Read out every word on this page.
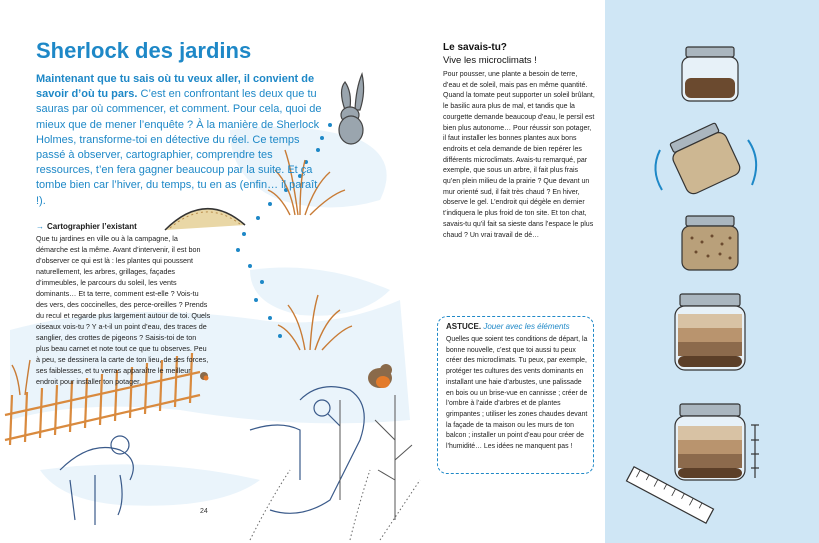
Sherlock des jardins
Maintenant que tu sais où tu veux aller, il convient de savoir d’où tu pars. C’est en confrontant les deux que tu sauras par où commencer, et comment. Pour cela, quoi de mieux que de mener l’enquête ? À la manière de Sherlock Holmes, transforme-toi en détective du réel. Ce temps passé à observer, cartographier, comprendre tes ressources, t’en fera gagner beaucoup par la suite. Et ça tombe bien car l’hiver, du temps, tu en as (enfin… il paraît !).
→ Cartographier l’existant
Que tu jardines en ville ou à la campagne, la démarche est la même. Avant d’intervenir, il est bon d’observer ce qui est là : les plantes qui poussent naturellement, les arbres, grillages, façades d’immeubles, le parcours du soleil, les vents dominants… Et ta terre, comment est-elle ? Vois-tu des vers, des coccinelles, des perce-oreilles ? Prends du recul et regarde plus largement autour de toi. Quels oiseaux vois-tu ? Y a-t-il un point d’eau, des traces de sanglier, des crottes de pigeons ? Saisis-toi de ton plus beau carnet et note tout ce que tu observes. Peu à peu, se dessinera la carte de ton lieu, de ses forces, ses faiblesses, et tu verras apparaître le meilleur endroit pour installer ton potager.
24
Le savais-tu?
Vive les microclimats !
Pour pousser, une plante a besoin de terre, d’eau et de soleil, mais pas en même quantité. Quand la tomate peut supporter un soleil brûlant, le basilic aura plus de mal, et tandis que la courgette demande beaucoup d’eau, le persil est bien plus autonome… Pour réussir son potager, il faut installer les bonnes plantes aux bons endroits et cela demande de bien repérer les différents microclimats. Avais-tu remarqué, par exemple, que sous un arbre, il fait plus frais qu’en plein milieu de la prairie ? Que devant un mur orienté sud, il fait très chaud ? En hiver, observe le gel. L’endroit qui dégèle en dernier t’indiquera le plus froid de ton site. Et ton chat, savais-tu qu’il fait sa sieste dans l’espace le plus chaud ? Un vrai travail de dé…
ASTUCE. Jouer avec les éléments
Quelles que soient tes conditions de départ, la bonne nouvelle, c’est que toi aussi tu peux créer des microclimats. Tu peux, par exemple, protéger tes cultures des vents dominants en installant une haie d’arbustes, une palissade en bois ou un brise-vue en cannisse ; créer de l’ombre à l’aide d’arbres et de plantes grimpantes ; utiliser les zones chaudes devant la façade de ta maison ou les murs de ton balcon ; installer un point d’eau pour créer de l’humidité… Les idées ne manquent pas !
